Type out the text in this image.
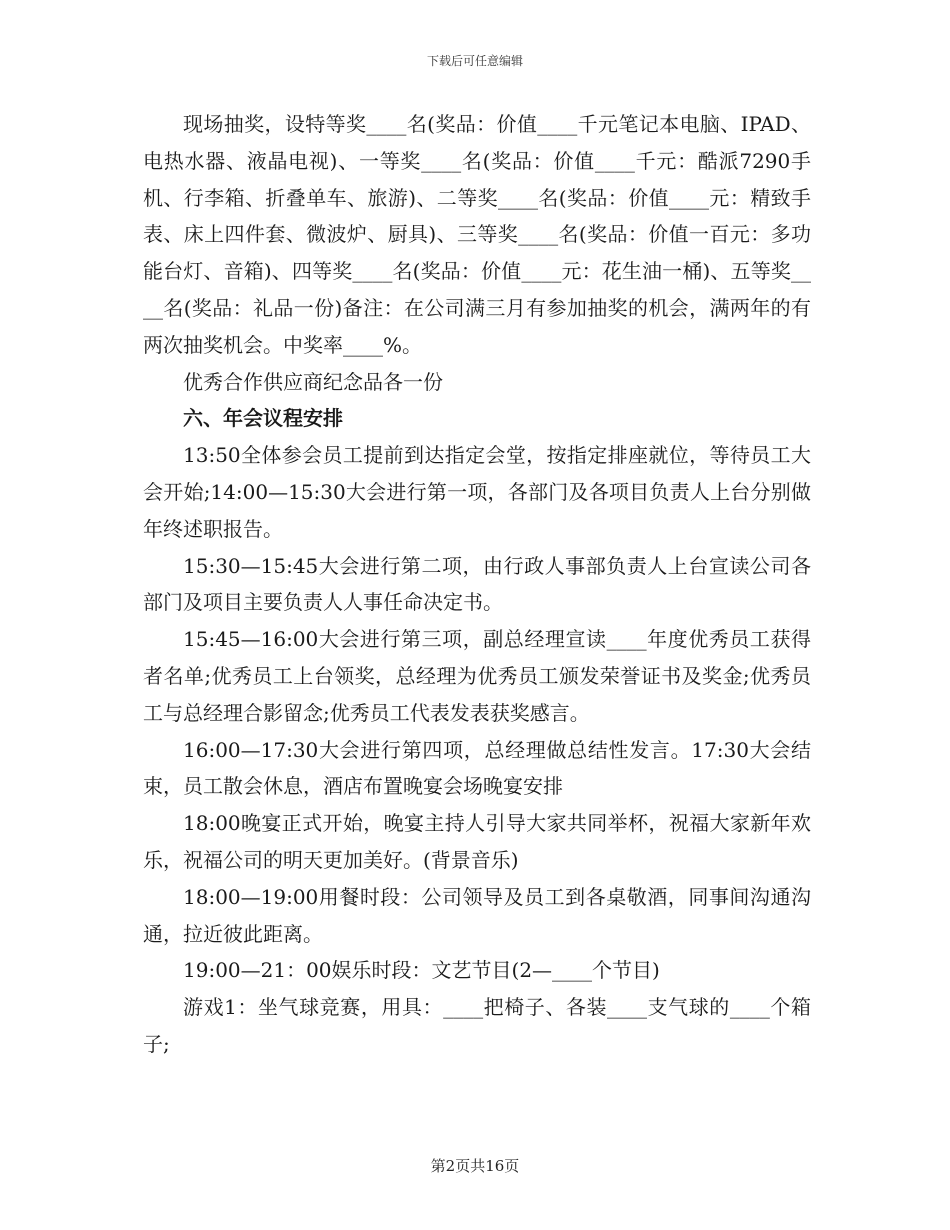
下载后可任意编辑

现场抽奖，设特等奖____名(奖品：价值____千元笔记本电脑、IPAD、电热水器、液晶电视)、一等奖____名(奖品：价值____千元：酷派7290手机、行李箱、折叠单车、旅游)、二等奖____名(奖品：价值____元：精致手表、床上四件套、微波炉、厨具)、三等奖____名(奖品：价值一百元：多功能台灯、音箱)、四等奖____名(奖品：价值____元：花生油一桶)、五等奖____名(奖品：礼品一份)备注：在公司满三月有参加抽奖的机会，满两年的有两次抽奖机会。中奖率____%。

优秀合作供应商纪念品各一份

六、年会议程安排

13:50全体参会员工提前到达指定会堂，按指定排座就位，等待员工大会开始;14:00—15:30大会进行第一项，各部门及各项目负责人上台分别做年终述职报告。

15:30—15:45大会进行第二项，由行政人事部负责人上台宣读公司各部门及项目主要负责人人事任命决定书。

15:45—16:00大会进行第三项，副总经理宣读____年度优秀员工获得者名单;优秀员工上台领奖，总经理为优秀员工颁发荣誉证书及奖金;优秀员工与总经理合影留念;优秀员工代表发表获奖感言。

16:00—17:30大会进行第四项，总经理做总结性发言。17:30大会结束，员工散会休息，酒店布置晚宴会场晚宴安排

18:00晚宴正式开始，晚宴主持人引导大家共同举杯，祝福大家新年欢乐，祝福公司的明天更加美好。(背景音乐)

18:00—19:00用餐时段：公司领导及员工到各桌敬酒，同事间沟通沟通，拉近彼此距离。

19:00—21：00娱乐时段：文艺节目(2—____个节目)

游戏1：坐气球竞赛，用具：____把椅子、各装____支气球的____个箱子;

第2页共16页
